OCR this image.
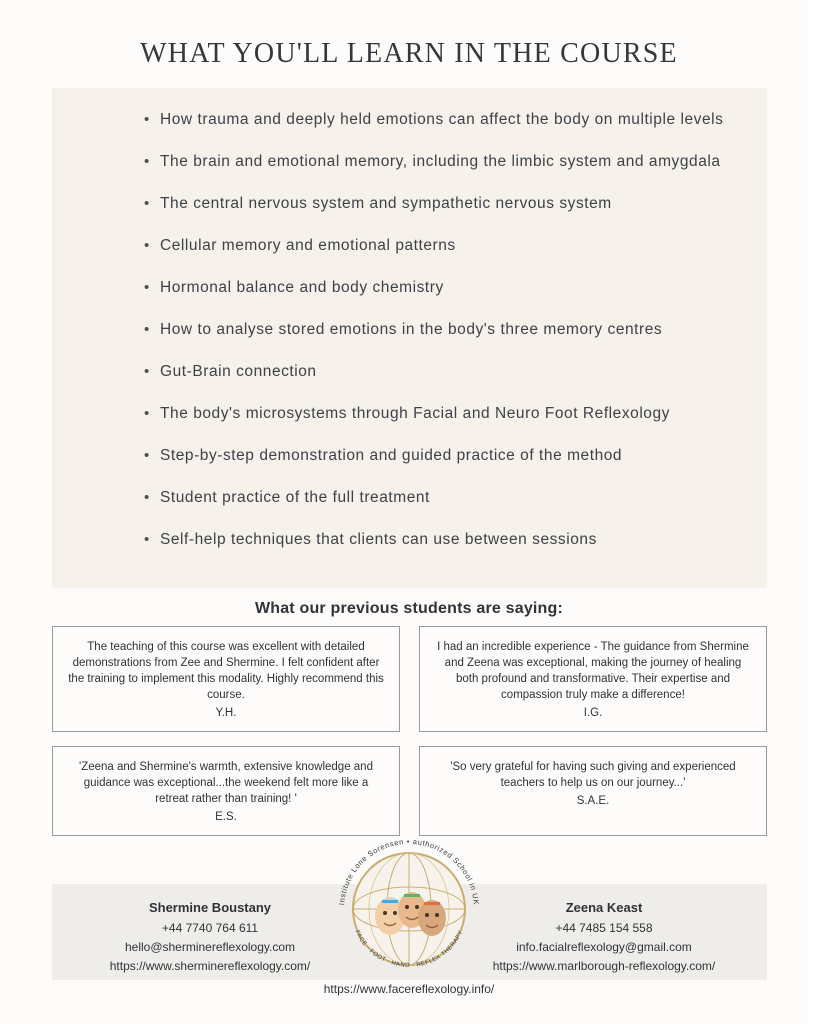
WHAT YOU'LL LEARN IN THE COURSE
• How trauma and deeply held emotions can affect the body on multiple levels
• The brain and emotional memory, including the limbic system and amygdala
• The central nervous system and sympathetic nervous system
• Cellular memory and emotional patterns
• Hormonal balance and body chemistry
• How to analyse stored emotions in the body's three memory centres
• Gut-Brain connection
• The body's microsystems through Facial and Neuro Foot Reflexology
• Step-by-step demonstration and guided practice of the method
• Student practice of the full treatment
• Self-help techniques that clients can use between sessions
What our previous students are saying:

The teaching of this course was excellent with detailed demonstrations from Zee and Shermine. I felt confident after the training to implement this modality. Highly recommend this course.

Y.H.

I had an incredible experience - The guidance from Shermine and Zeena was exceptional, making the journey of healing both profound and transformative. Their expertise and compassion truly make a difference!

I.G.

'Zeena and Shermine's warmth, extensive knowledge and guidance was exceptional...the weekend felt more like a retreat rather than training! '

E.S.

'So very grateful for having such giving and experienced teachers to help us on our journey...'

S.A.E.

Shermine Boustany
+44 7740 764 611
hello@sherminereflexology.com
https://www.sherminereflexology.com/
Zeena Keast
+44 7485 154 558
info.facialreflexology@gmail.com
https://www.marlborough-reflexology.com/
Institute Lone Sorensen • authorized School in UK
FACE · FOOT · HAND · REFLEX THERAPY
https://www.facereflexology.info/
